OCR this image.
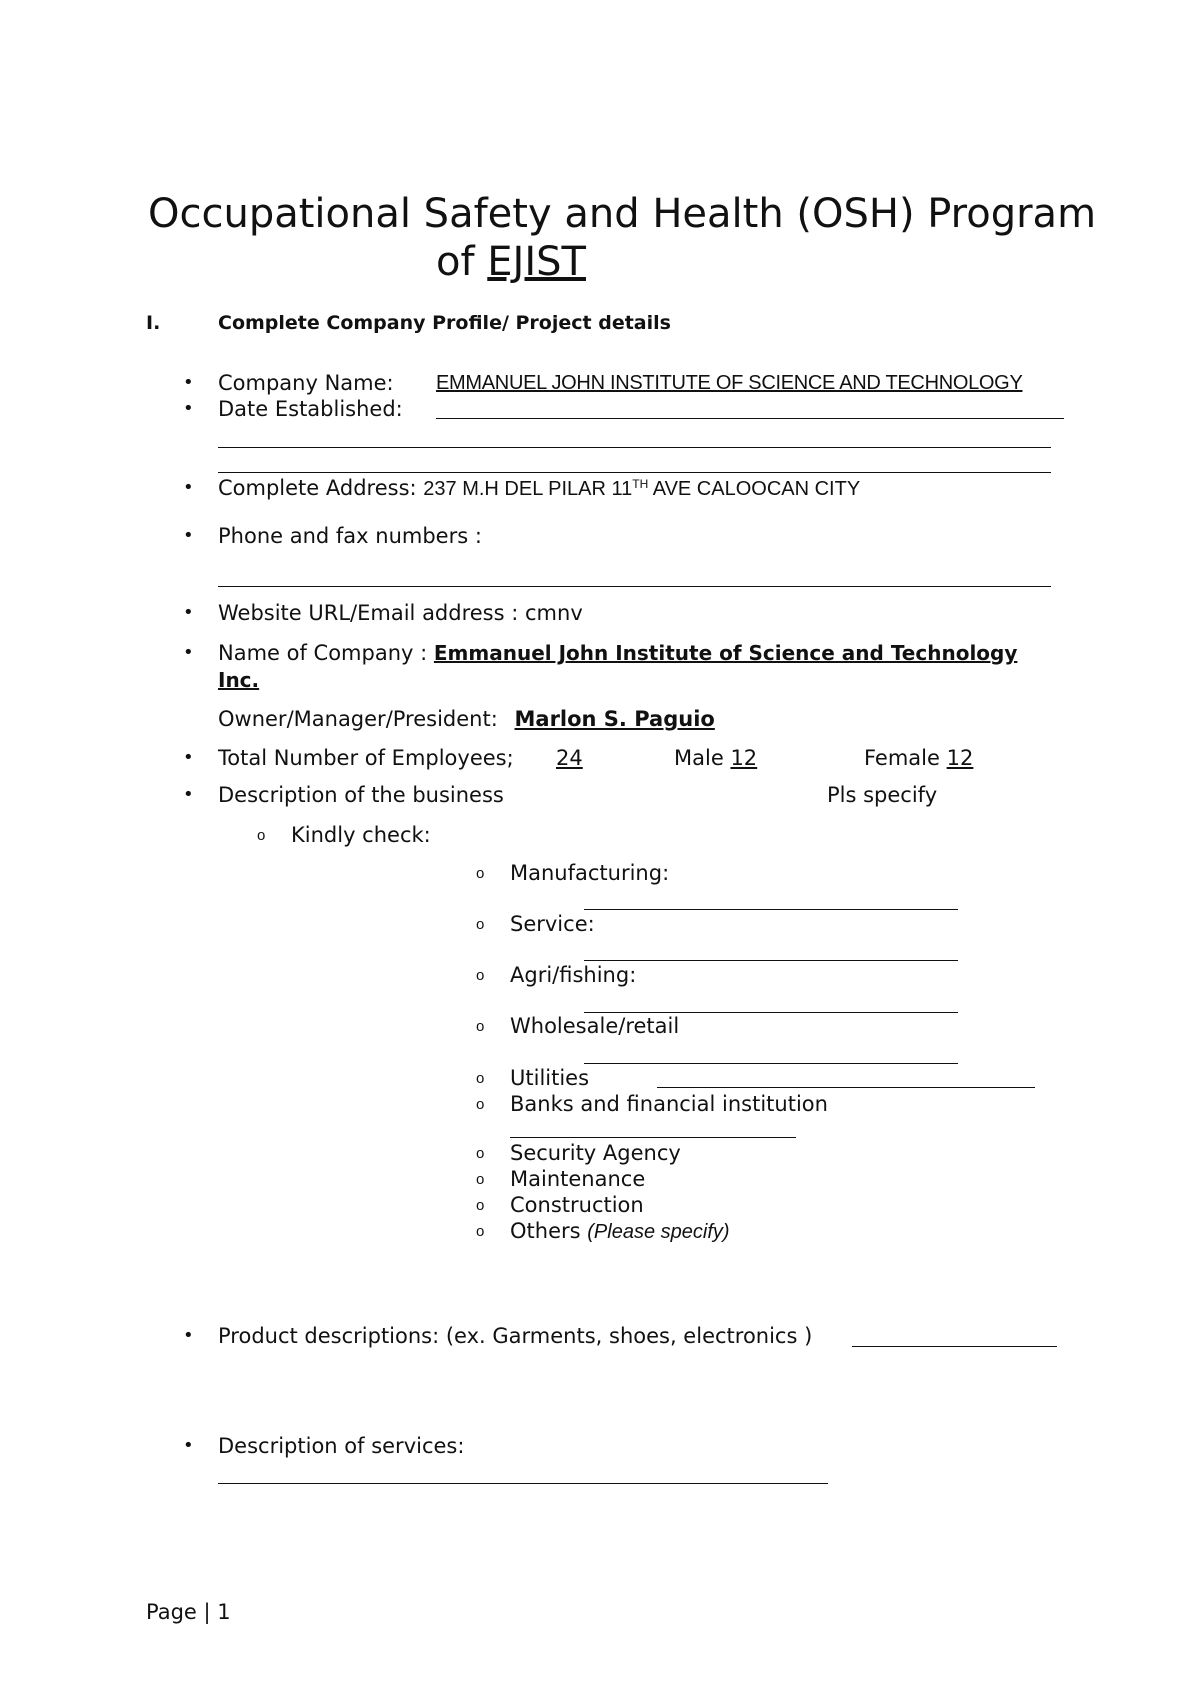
Occupational Safety and Health (OSH) Program
of EJIST
I.	Complete Company Profile/ Project details
• Company Name: EMMANUEL JOHN INSTITUTE OF SCIENCE AND TECHNOLOGY
• Date Established:
• Complete Address: 237 M.H DEL PILAR 11TH AVE CALOOCAN CITY
• Phone and fax numbers :
• Website URL/Email address : cmnv
• Name of Company : Emmanuel John Institute of Science and Technology
Inc.
Owner/Manager/President: Marlon S. Paguio
• Total Number of Employees; 24	Male 12	Female 12
• Description of the business	Pls specify
o Kindly check:
o Manufacturing:
o Service:
o Agri/fishing:
o Wholesale/retail
o Utilities
o Banks and financial institution
o Security Agency
o Maintenance
o Construction
o Others (Please specify)
• Product descriptions: (ex. Garments, shoes, electronics )
• Description of services:
Page | 1
